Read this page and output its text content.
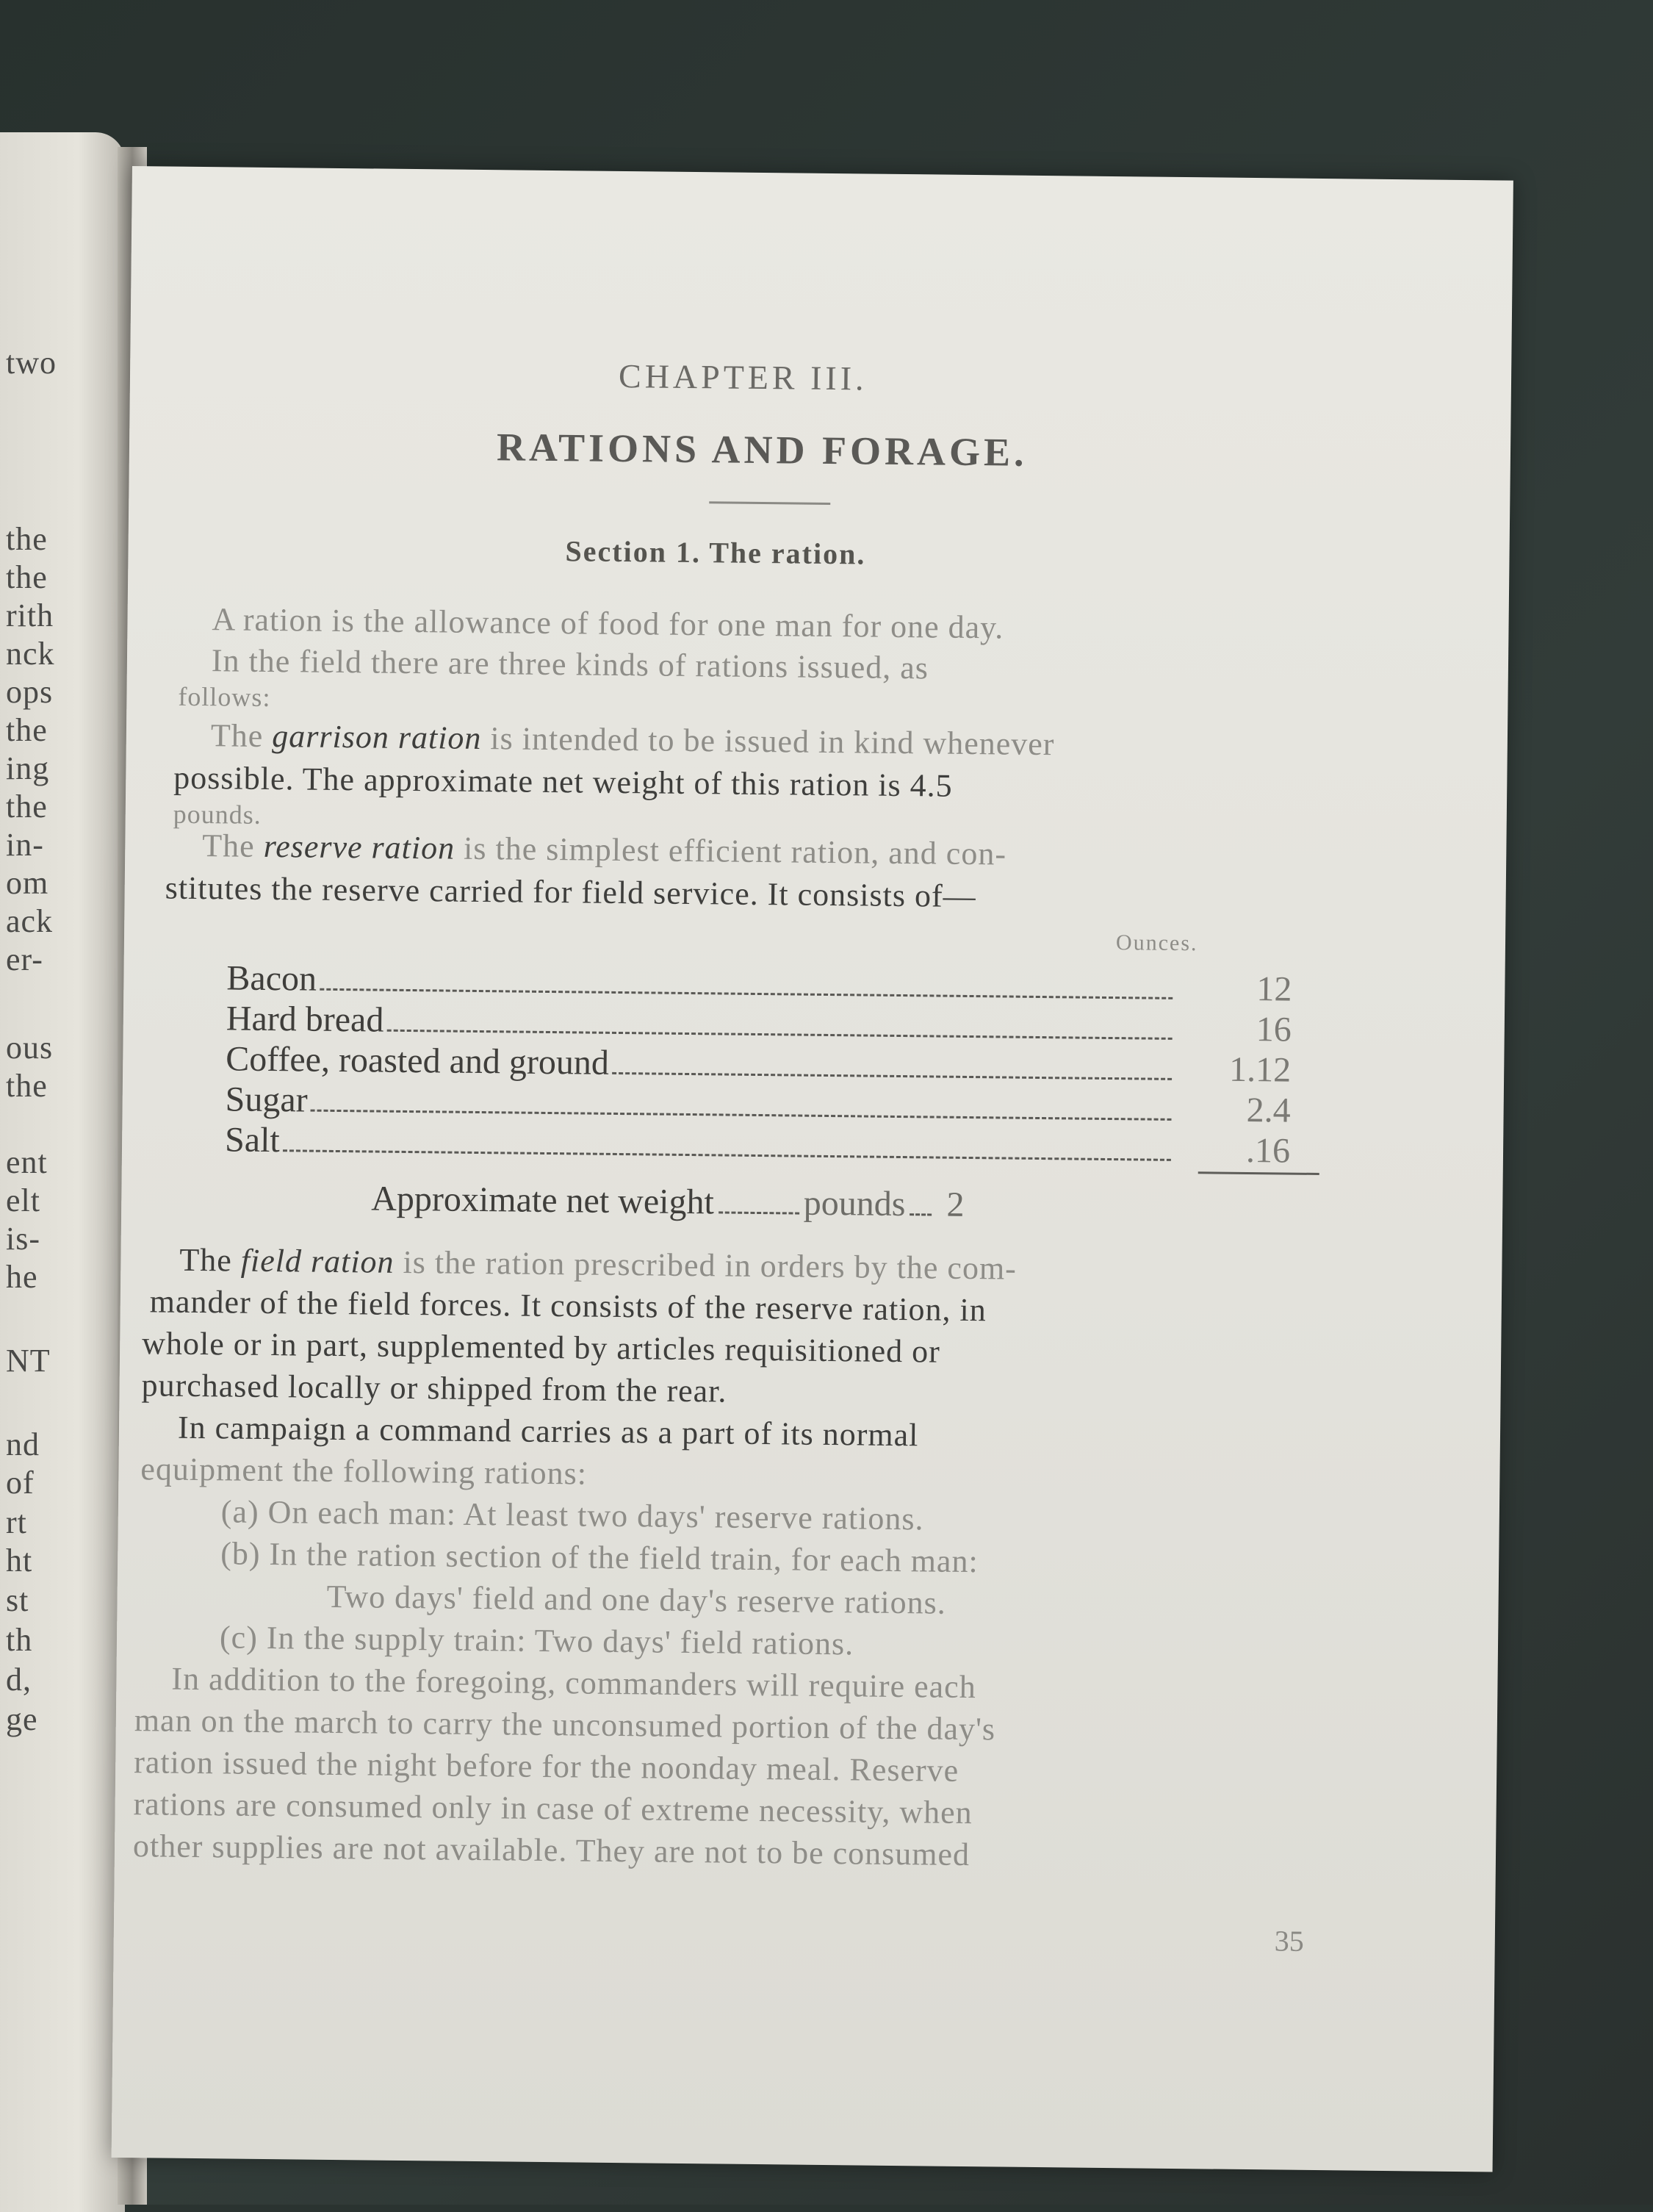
two
the
the
rith
nck
ops
the
ing
the
in-
om
ack
er-
ous
the
ent
elt
is-
he
NT
nd
of
rt
ht
st
th
d,
ge
CHAPTER III.
RATIONS AND FORAGE.
Section 1. The ration.
A ration is the allowance of food for one man for one day.
In the field there are three kinds of rations issued, as
follows:
The garrison ration is intended to be issued in kind whenever
possible. The approximate net weight of this ration is 4.5
pounds.
The reserve ration is the simplest efficient ration, and con-
stitutes the reserve carried for field service. It consists of—
Ounces.
Bacon	12
Hard bread	16
Coffee, roasted and ground	1.12
Sugar	2.4
Salt	.16
Approximate net weight	pounds 2
The field ration is the ration prescribed in orders by the com-
mander of the field forces. It consists of the reserve ration, in
whole or in part, supplemented by articles requisitioned or
purchased locally or shipped from the rear.
In campaign a command carries as a part of its normal
equipment the following rations:
(a) On each man: At least two days' reserve rations.
(b) In the ration section of the field train, for each man:
Two days' field and one day's reserve rations.
(c) In the supply train: Two days' field rations.
In addition to the foregoing, commanders will require each
man on the march to carry the unconsumed portion of the day's
ration issued the night before for the noonday meal. Reserve
rations are consumed only in case of extreme necessity, when
other supplies are not available. They are not to be consumed
35
